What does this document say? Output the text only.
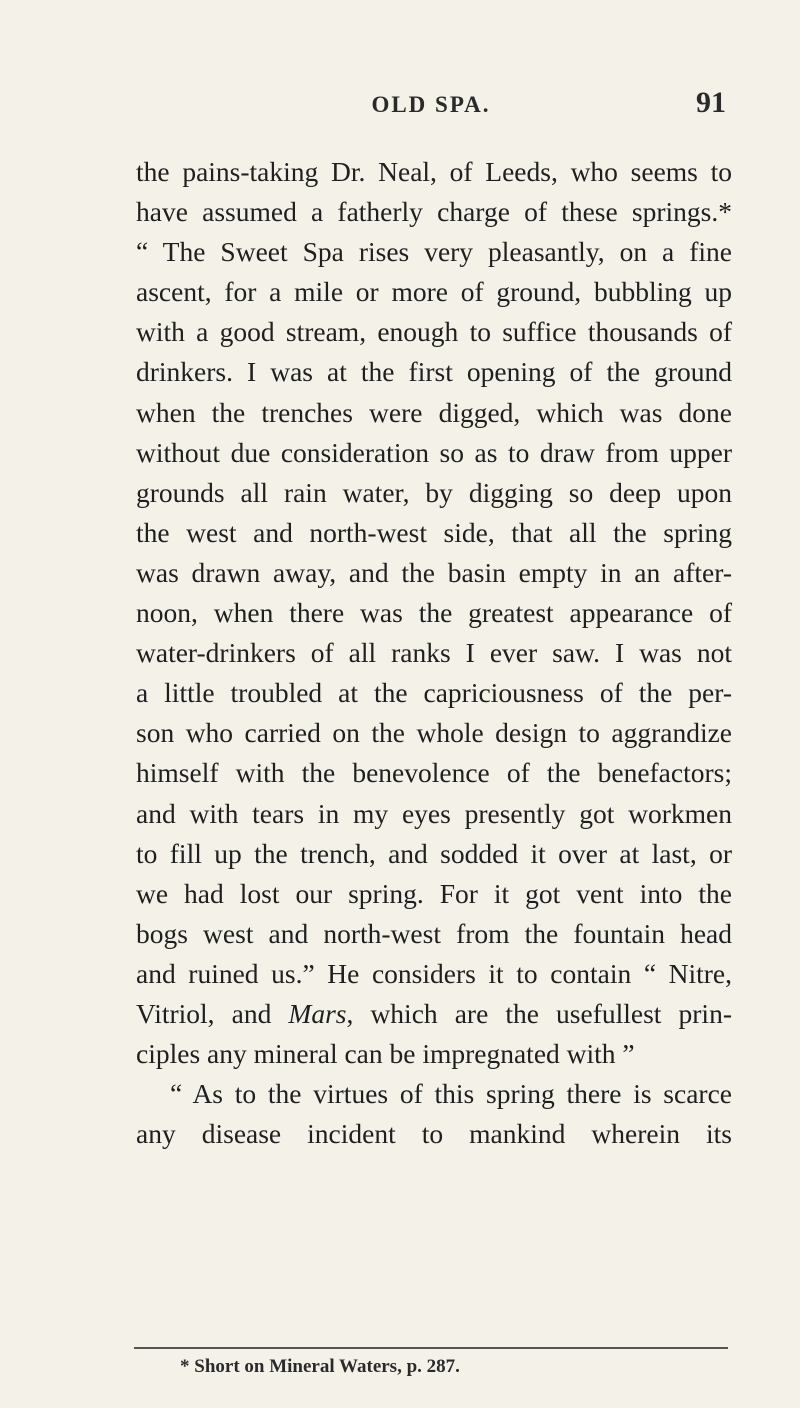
OLD SPA.	91
the pains-taking Dr. Neal, of Leeds, who seems to
have assumed a fatherly charge of these springs.*
“ The Sweet Spa rises very pleasantly, on a fine
ascent, for a mile or more of ground, bubbling up
with a good stream, enough to suffice thousands of
drinkers. I was at the first opening of the ground
when the trenches were digged, which was done
without due consideration so as to draw from upper
grounds all rain water, by digging so deep upon
the west and north-west side, that all the spring
was drawn away, and the basin empty in an after-
noon, when there was the greatest appearance of
water-drinkers of all ranks I ever saw. I was not
a little troubled at the capriciousness of the per-
son who carried on the whole design to aggrandize
himself with the benevolence of the benefactors;
and with tears in my eyes presently got workmen
to fill up the trench, and sodded it over at last, or
we had lost our spring. For it got vent into the
bogs west and north-west from the fountain head
and ruined us.” He considers it to contain “ Nitre,
Vitriol, and Mars, which are the usefullest prin-
ciples any mineral can be impregnated with ”
“ As to the virtues of this spring there is scarce
any disease incident to mankind wherein its
* Short on Mineral Waters, p. 287.
